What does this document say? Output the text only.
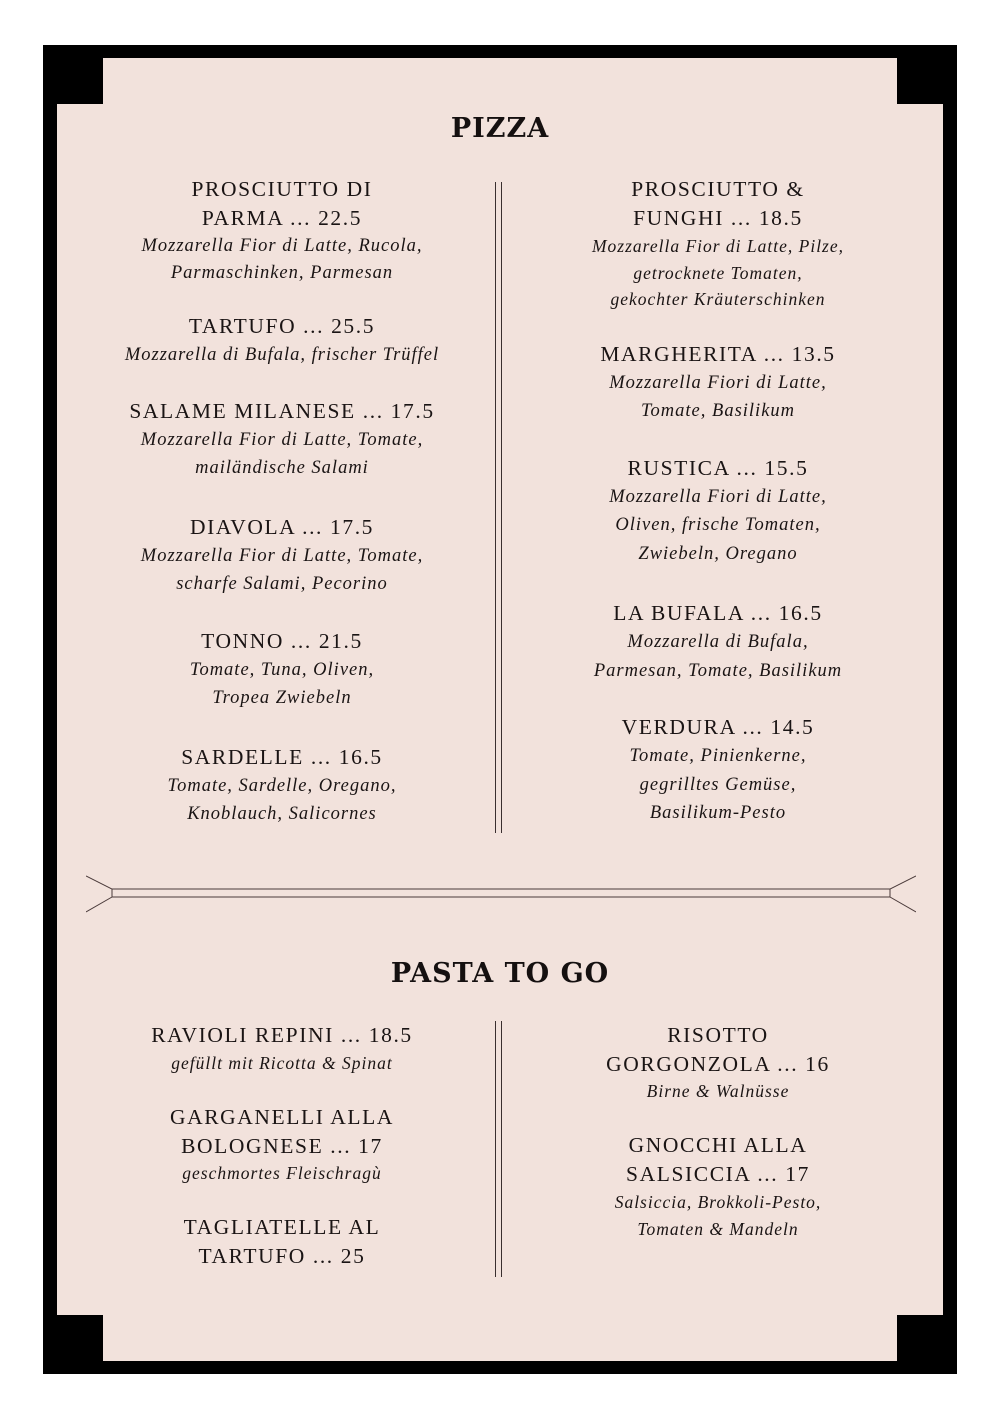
PIZZA
PROSCIUTTO DI
PARMA ... 22.5
Mozzarella Fior di Latte, Rucola,
Parmaschinken, Parmesan
TARTUFO ... 25.5
Mozzarella di Bufala, frischer Trüffel
SALAME MILANESE ... 17.5
Mozzarella Fior di Latte, Tomate,
mailändische Salami
DIAVOLA ... 17.5
Mozzarella Fior di Latte, Tomate,
scharfe Salami, Pecorino
TONNO ... 21.5
Tomate, Tuna, Oliven,
Tropea Zwiebeln
SARDELLE ... 16.5
Tomate, Sardelle, Oregano,
Knoblauch, Salicornes
PROSCIUTTO &
FUNGHI ... 18.5
Mozzarella Fior di Latte, Pilze,
getrocknete Tomaten,
gekochter Kräuterschinken
MARGHERITA ... 13.5
Mozzarella Fiori di Latte,
Tomate, Basilikum
RUSTICA ... 15.5
Mozzarella Fiori di Latte,
Oliven, frische Tomaten,
Zwiebeln, Oregano
LA BUFALA ... 16.5
Mozzarella di Bufala,
Parmesan, Tomate, Basilikum
VERDURA ... 14.5
Tomate, Pinienkerne,
gegrilltes Gemüse,
Basilikum-Pesto
PASTA TO GO
RAVIOLI REPINI ... 18.5
gefüllt mit Ricotta & Spinat
GARGANELLI ALLA
BOLOGNESE ... 17
geschmortes Fleischragù
TAGLIATELLE AL
TARTUFO ... 25
RISOTTO
GORGONZOLA ... 16
Birne & Walnüsse
GNOCCHI ALLA
SALSICCIA ... 17
Salsiccia, Brokkoli-Pesto,
Tomaten & Mandeln
